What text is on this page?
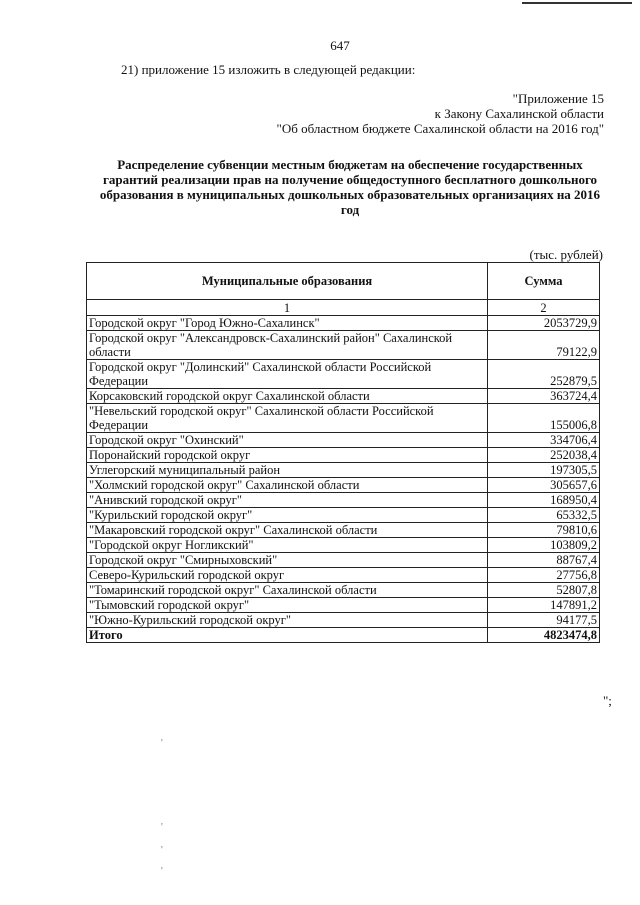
647
21) приложение 15 изложить в следующей редакции:
"Приложение 15
к Закону Сахалинской области
"Об областном бюджете Сахалинской области на 2016 год"
Распределение субвенции местным бюджетам на обеспечение государственных
гарантий реализации прав на получение общедоступного бесплатного дошкольного
образования в муниципальных дошкольных образовательных организациях на 2016
год
(тыс. рублей)
Муниципальные образования	Сумма
1	2
Городской округ "Город Южно-Сахалинск"	2053729,9
Городской округ "Александровск-Сахалинский район" Сахалинской области	79122,9
Городской округ "Долинский" Сахалинской области Российской Федерации	252879,5
Корсаковский городской округ Сахалинской области	363724,4
"Невельский городской округ" Сахалинской области Российской Федерации	155006,8
Городской округ "Охинский"	334706,4
Поронайский городской округ	252038,4
Углегорский муниципальный район	197305,5
"Холмский городской округ" Сахалинской области	305657,6
"Анивский городской округ"	168950,4
"Курильский городской округ"	65332,5
"Макаровский городской округ" Сахалинской области	79810,6
"Городской округ Ногликский"	103809,2
Городской округ "Смирныховский"	88767,4
Северо-Курильский городской округ	27756,8
"Томаринский городской округ" Сахалинской области	52807,8
"Тымовский городской округ"	147891,2
"Южно-Курильский городской округ"	94177,5
Итого	4823474,8
";
'
'
'
'
